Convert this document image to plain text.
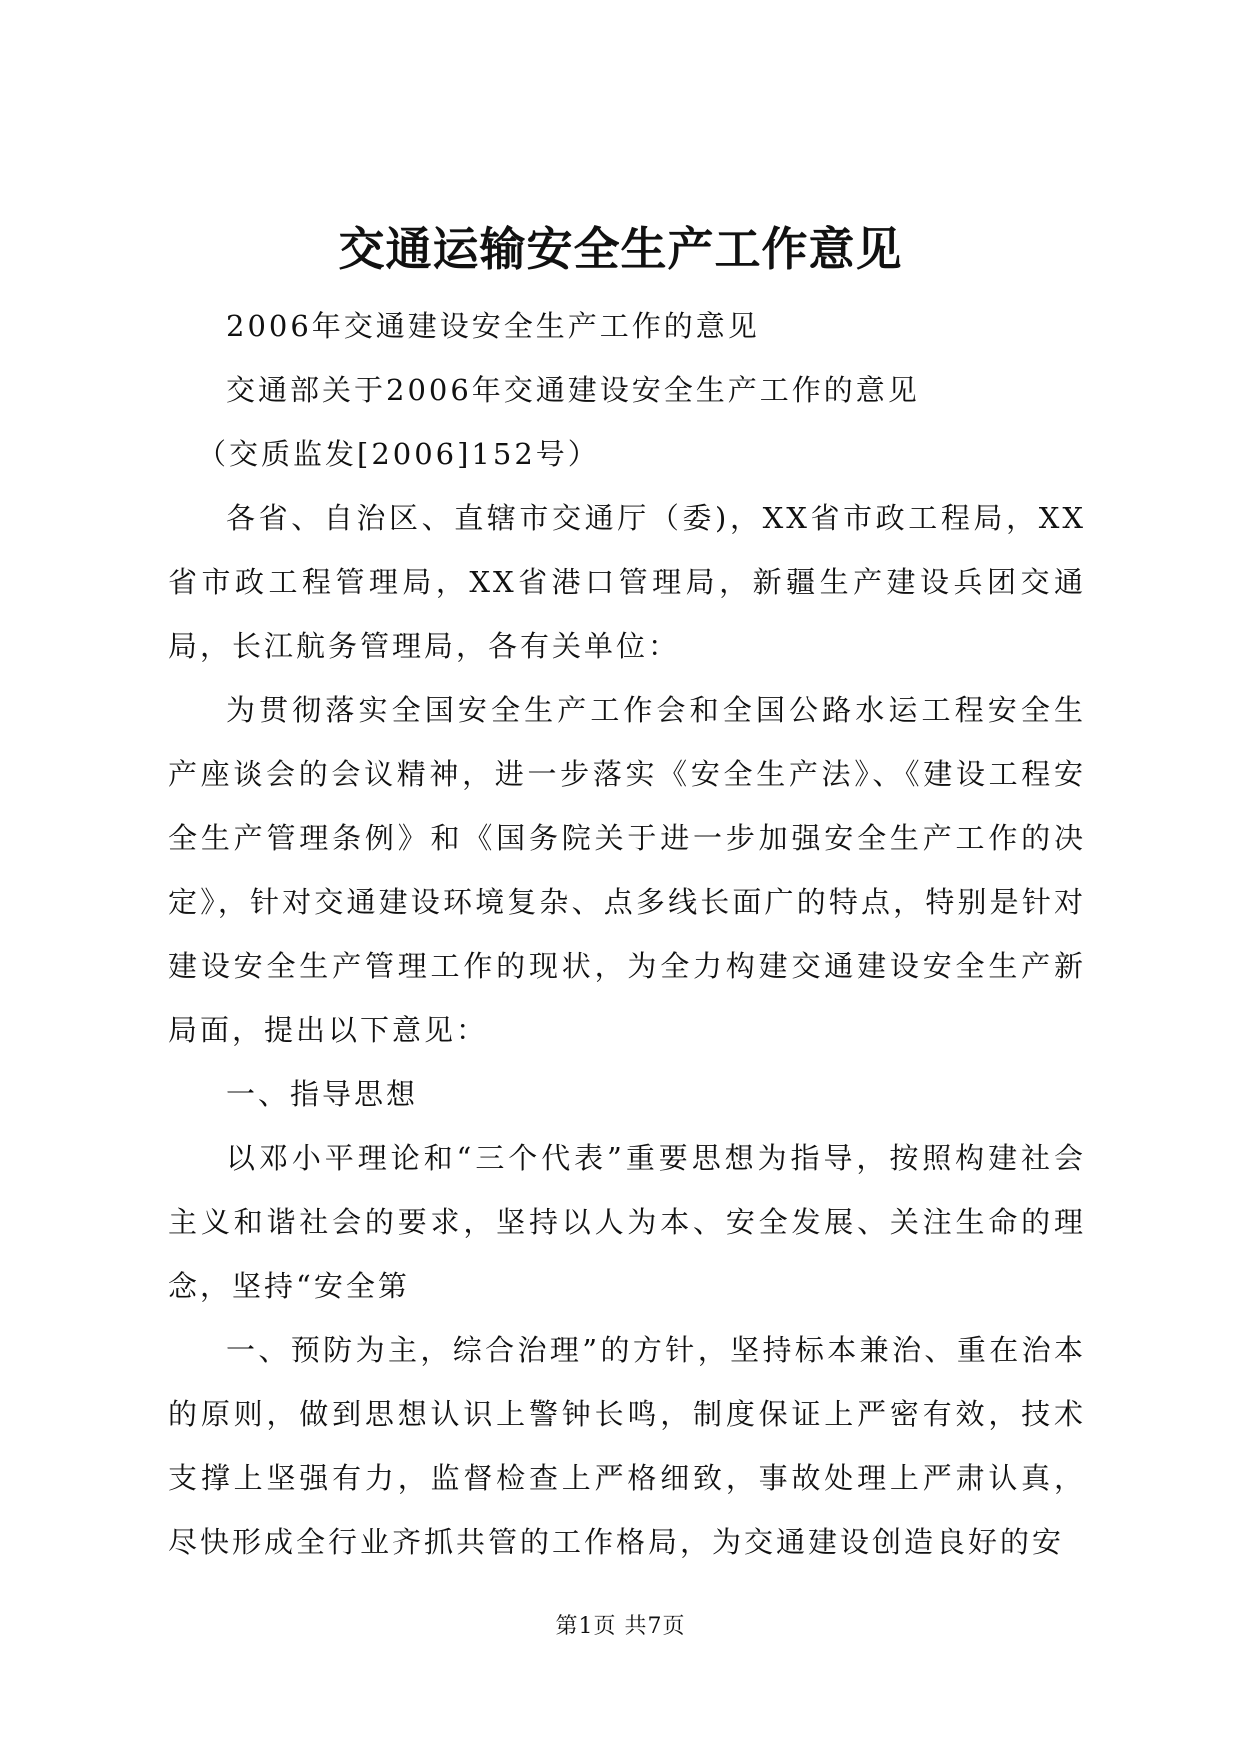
交通运输安全生产工作意见

2006年交通建设安全生产工作的意见

交通部关于2006年交通建设安全生产工作的意见

（交质监发[2006]152号）

各省、自治区、直辖市交通厅（委)，XX省市政工程局，XX省市政工程管理局，XX省港口管理局，新疆生产建设兵团交通局，长江航务管理局，各有关单位：

为贯彻落实全国安全生产工作会和全国公路水运工程安全生产座谈会的会议精神，进一步落实《安全生产法》、《建设工程安全生产管理条例》和《国务院关于进一步加强安全生产工作的决定》，针对交通建设环境复杂、点多线长面广的特点，特别是针对建设安全生产管理工作的现状，为全力构建交通建设安全生产新局面，提出以下意见：

一、指导思想

以邓小平理论和“三个代表”重要思想为指导，按照构建社会主义和谐社会的要求，坚持以人为本、安全发展、关注生命的理念，坚持“安全第

一、预防为主，综合治理”的方针，坚持标本兼治、重在治本的原则，做到思想认识上警钟长鸣，制度保证上严密有效，技术支撑上坚强有力，监督检查上严格细致，事故处理上严肃认真，尽快形成全行业齐抓共管的工作格局，为交通建设创造良好的安

第1页 共7页
